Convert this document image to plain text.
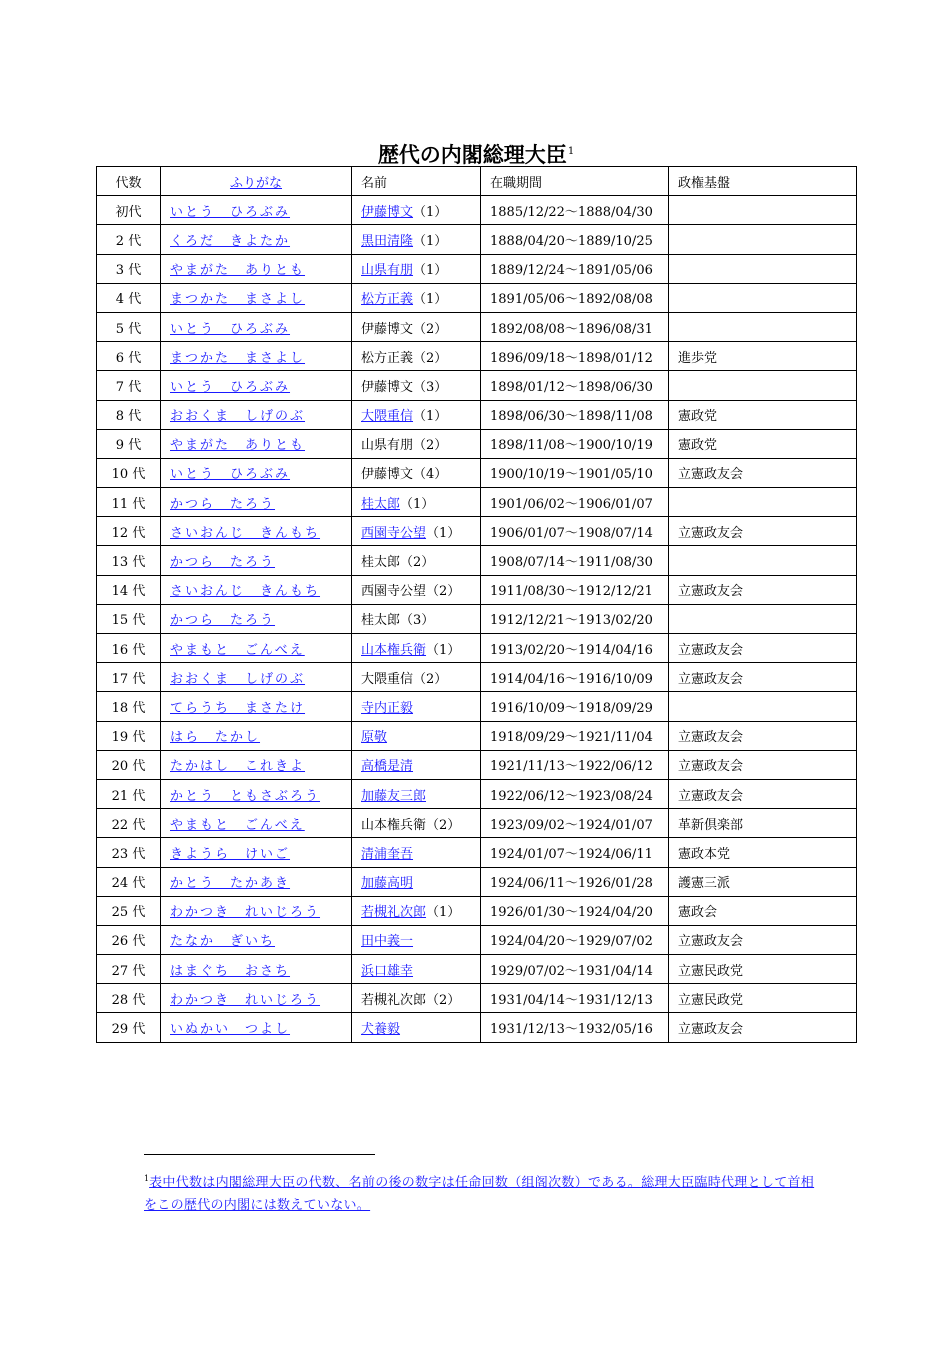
歴代の内閣総理大臣$^1$
代数	ふりがな	名前	在職期間	政権基盤
初代	いとう　ひろぶみ	伊藤博文（1）	1885/12/22～1888/04/30	
2 代	くろだ　きよたか	黒田清隆（1）	1888/04/20～1889/10/25	
3 代	やまがた　ありとも	山県有朋（1）	1889/12/24～1891/05/06	
4 代	まつかた　まさよし	松方正義（1）	1891/05/06～1892/08/08	
5 代	いとう　ひろぶみ	伊藤博文（2）	1892/08/08～1896/08/31	
6 代	まつかた　まさよし	松方正義（2）	1896/09/18～1898/01/12	進歩党
7 代	いとう　ひろぶみ	伊藤博文（3）	1898/01/12～1898/06/30	
8 代	おおくま　しげのぶ	大隈重信（1）	1898/06/30～1898/11/08	憲政党
9 代	やまがた　ありとも	山県有朋（2）	1898/11/08～1900/10/19	憲政党
10 代	いとう　ひろぶみ	伊藤博文（4）	1900/10/19～1901/05/10	立憲政友会
11 代	かつら　たろう	桂太郎（1）	1901/06/02～1906/01/07	
12 代	さいおんじ　きんもち	西園寺公望（1）	1906/01/07～1908/07/14	立憲政友会
13 代	かつら　たろう	桂太郎（2）	1908/07/14～1911/08/30	
14 代	さいおんじ　きんもち	西園寺公望（2）	1911/08/30～1912/12/21	立憲政友会
15 代	かつら　たろう	桂太郎（3）	1912/12/21～1913/02/20	
16 代	やまもと　ごんべえ	山本権兵衛（1）	1913/02/20～1914/04/16	立憲政友会
17 代	おおくま　しげのぶ	大隈重信（2）	1914/04/16～1916/10/09	立憲政友会
18 代	てらうち　まさたけ	寺内正毅	1916/10/09～1918/09/29	
19 代	はら　たかし	原敬	1918/09/29～1921/11/04	立憲政友会
20 代	たかはし　これきよ	高橋是清	1921/11/13～1922/06/12	立憲政友会
21 代	かとう　ともさぶろう	加藤友三郎	1922/06/12～1923/08/24	立憲政友会
22 代	やまもと　ごんべえ	山本権兵衛（2）	1923/09/02～1924/01/07	革新倶楽部
23 代	きようら　けいご	清浦奎吾	1924/01/07～1924/06/11	憲政本党
24 代	かとう　たかあき	加藤高明	1924/06/11～1926/01/28	護憲三派
25 代	わかつき　れいじろう	若槻礼次郎（1）	1926/01/30～1924/04/20	憲政会
26 代	たなか　ぎいち	田中義一	1924/04/20～1929/07/02	立憲政友会
27 代	はまぐち　おさち	浜口雄幸	1929/07/02～1931/04/14	立憲民政党
28 代	わかつき　れいじろう	若槻礼次郎（2）	1931/04/14～1931/12/13	立憲民政党
29 代	いぬかい　つよし	犬養毅	1931/12/13～1932/05/16	立憲政友会
$^1$表中代数は内閣総理大臣の代数、名前の後の数字は任命回数（组阁次数）である。総理大臣臨時代理として首相をこの歴代の内閣には数えていない。
